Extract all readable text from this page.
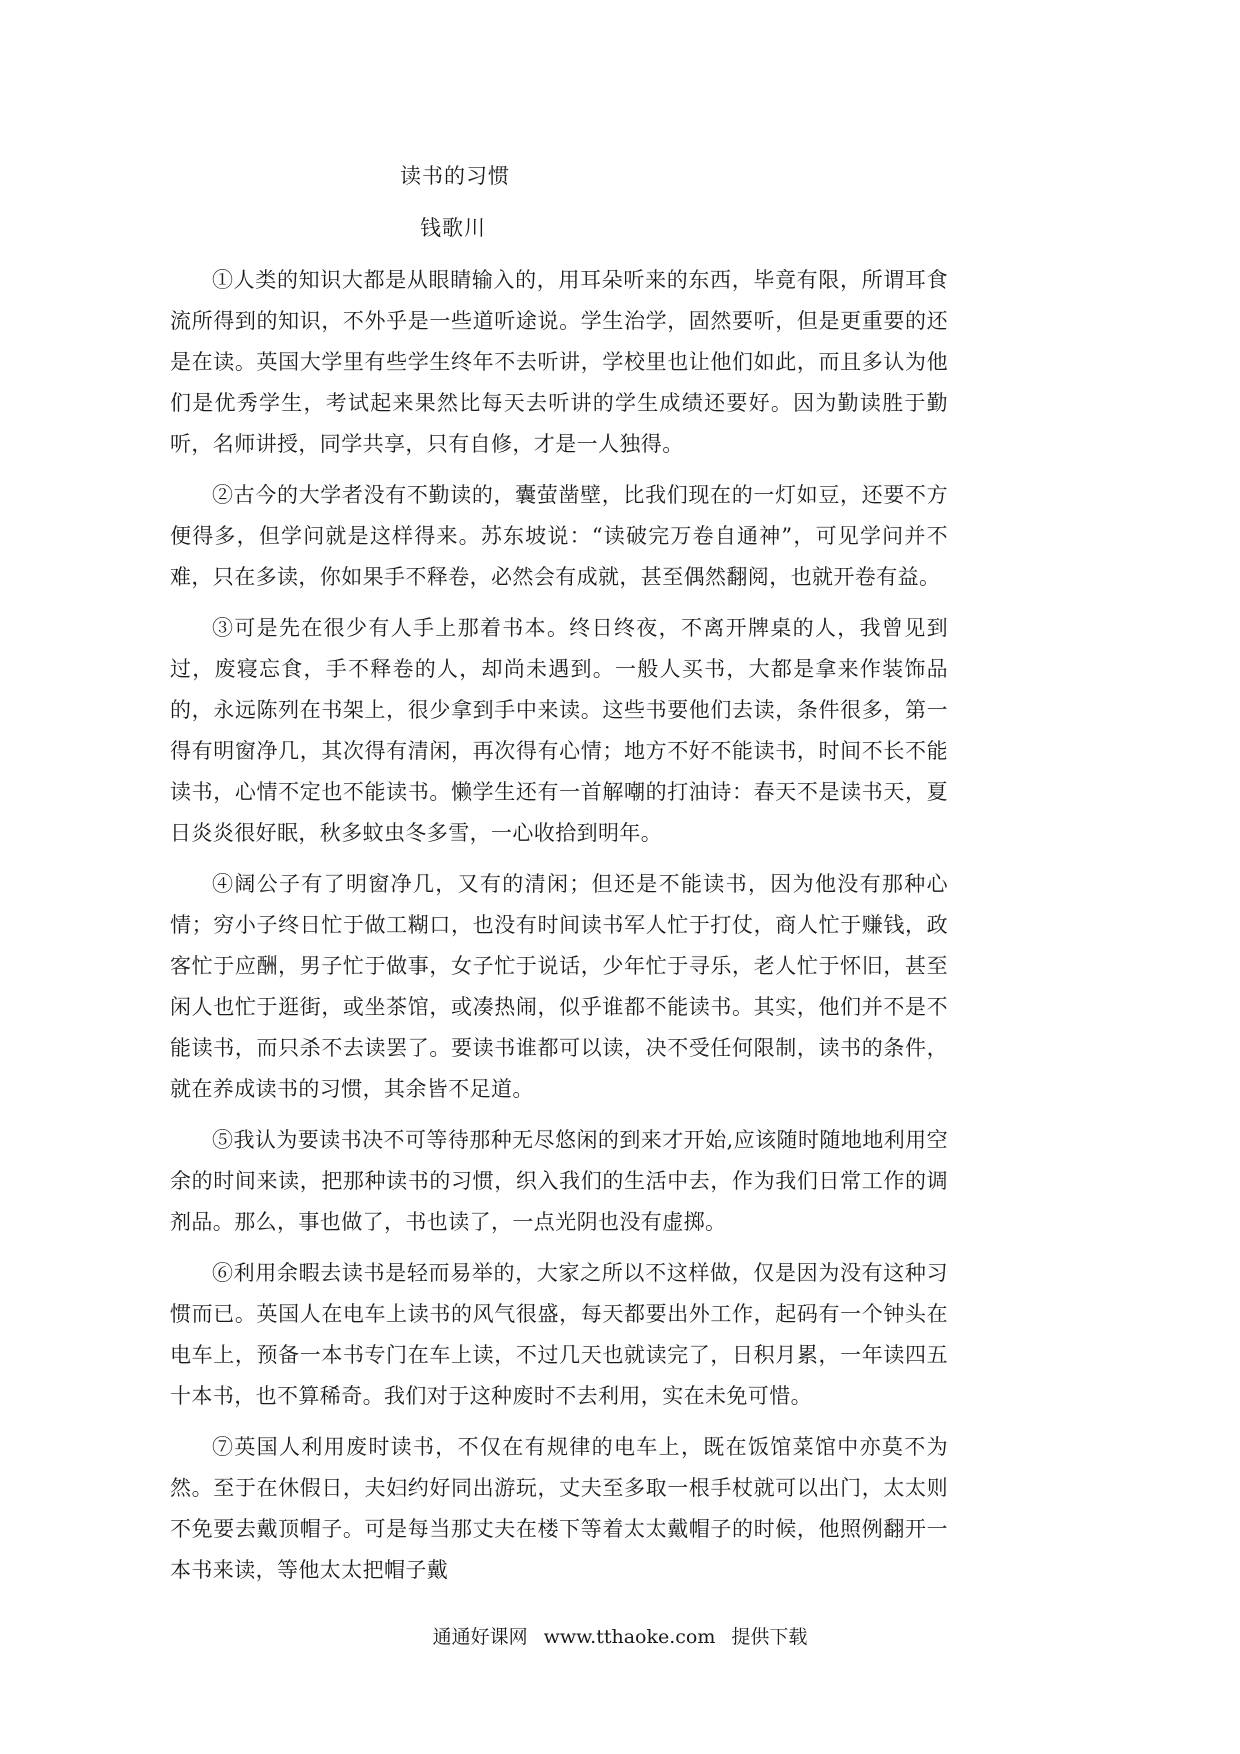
读书的习惯
钱歌川

①人类的知识大都是从眼睛输入的，用耳朵听来的东西，毕竟有限，所谓耳食流所得到的知识，不外乎是一些道听途说。学生治学，固然要听，但是更重要的还是在读。英国大学里有些学生终年不去听讲，学校里也让他们如此，而且多认为他们是优秀学生，考试起来果然比每天去听讲的学生成绩还要好。因为勤读胜于勤听，名师讲授，同学共享，只有自修，才是一人独得。

②古今的大学者没有不勤读的，囊萤凿壁，比我们现在的一灯如豆，还要不方便得多，但学问就是这样得来。苏东坡说：“读破完万卷自通神”，可见学问并不难，只在多读，你如果手不释卷，必然会有成就，甚至偶然翻阅，也就开卷有益。

③可是先在很少有人手上那着书本。终日终夜，不离开牌桌的人，我曾见到过，废寝忘食，手不释卷的人，却尚未遇到。一般人买书，大都是拿来作装饰品的，永远陈列在书架上，很少拿到手中来读。这些书要他们去读，条件很多，第一得有明窗净几，其次得有清闲，再次得有心情；地方不好不能读书，时间不长不能读书，心情不定也不能读书。懒学生还有一首解嘲的打油诗：春天不是读书天，夏日炎炎很好眠，秋多蚊虫冬多雪，一心收拾到明年。

④阔公子有了明窗净几，又有的清闲；但还是不能读书，因为他没有那种心情；穷小子终日忙于做工糊口，也没有时间读书军人忙于打仗，商人忙于赚钱，政客忙于应酬，男子忙于做事，女子忙于说话，少年忙于寻乐，老人忙于怀旧，甚至闲人也忙于逛街，或坐茶馆，或凑热闹，似乎谁都不能读书。其实，他们并不是不能读书，而只杀不去读罢了。要读书谁都可以读，决不受任何限制，读书的条件，就在养成读书的习惯，其余皆不足道。

⑤我认为要读书决不可等待那种无尽悠闲的到来才开始,应该随时随地地利用空余的时间来读，把那种读书的习惯，织入我们的生活中去，作为我们日常工作的调剂品。那么，事也做了，书也读了，一点光阴也没有虚掷。

⑥利用余暇去读书是轻而易举的，大家之所以不这样做，仅是因为没有这种习惯而已。英国人在电车上读书的风气很盛，每天都要出外工作，起码有一个钟头在电车上，预备一本书专门在车上读，不过几天也就读完了，日积月累，一年读四五十本书，也不算稀奇。我们对于这种废时不去利用，实在未免可惜。

⑦英国人利用废时读书，不仅在有规律的电车上，既在饭馆菜馆中亦莫不为然。至于在休假日，夫妇约好同出游玩，丈夫至多取一根手杖就可以出门，太太则不免要去戴顶帽子。可是每当那丈夫在楼下等着太太戴帽子的时候，他照例翻开一本书来读，等他太太把帽子戴

通通好课网 www.tthaoke.com 提供下载
